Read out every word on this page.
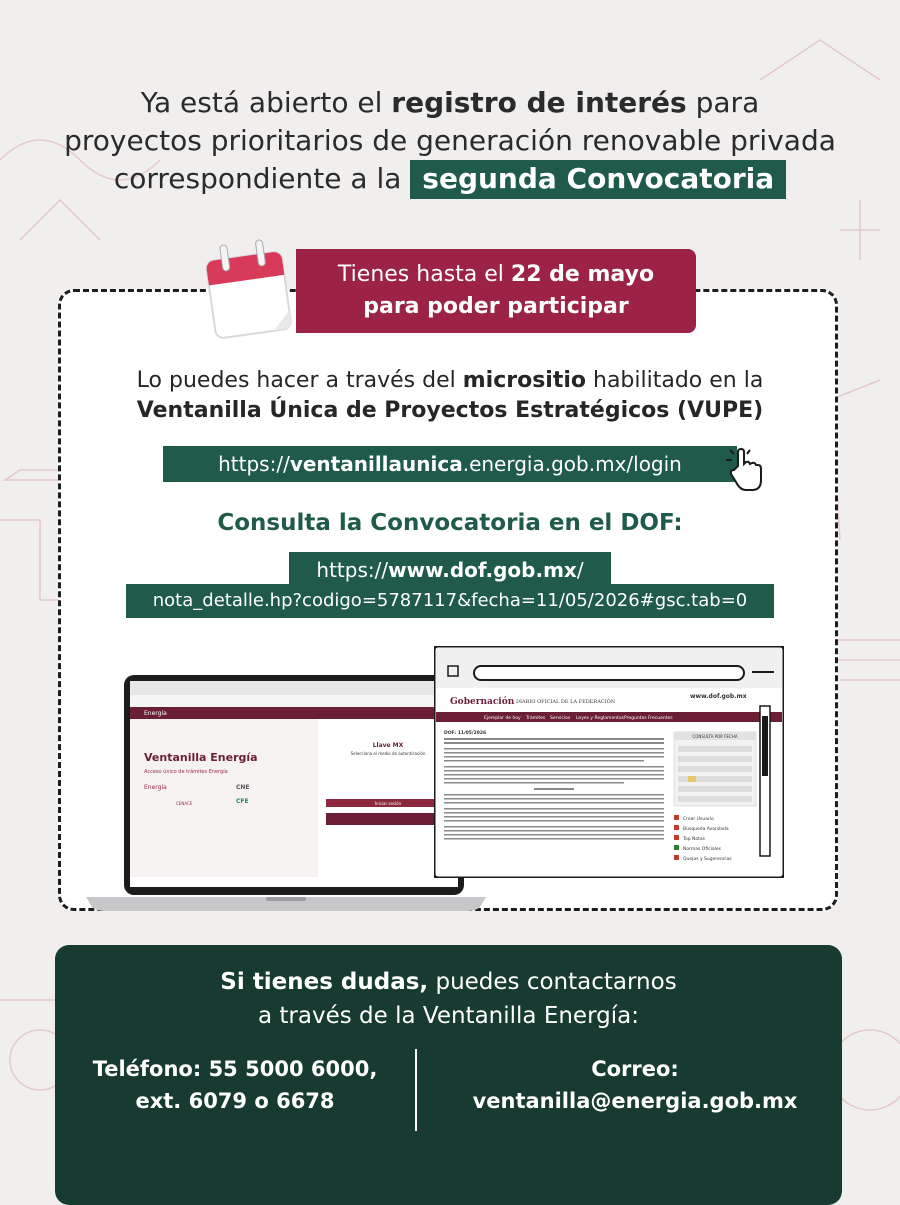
Ya está abierto el registro de interés para
proyectos prioritarios de generación renovable privada
correspondiente a la segunda Convocatoria
Tienes hasta el 22 de mayo
para poder participar
Lo puedes hacer a través del micrositio habilitado en la
Ventanilla Única de Proyectos Estratégicos (VUPE)
https://ventanillaunica.energia.gob.mx/login
Consulta la Convocatoria en el DOF:
https://www.dof.gob.mx/
nota_detalle.hp?codigo=5787117&fecha=11/05/2026#gsc.tab=0
Energía
Ventanilla Energía
Acceso único de trámites Energía
Energía	CNE
CENACE	CFE
Llave MX
Selecciona el medio de autenticación
Iniciar sesión
Gobernación DIARIO OFICIAL DE LA FEDERACIÓN
www.dof.gob.mx
Ejemplar de hoy Trámites Servicios Leyes y Reglamentos Preguntas Frecuentes
DOF: 11/05/2026
CONSULTA POR FECHA
Crear Usuario
Búsqueda Avanzada
Top Notas
Normas Oficiales
Quejas y Sugerencias
Si tienes dudas, puedes contactarnos
a través de la Ventanilla Energía:
Teléfono: 55 5000 6000,
ext. 6079 o 6678
Correo:
ventanilla@energia.gob.mx
